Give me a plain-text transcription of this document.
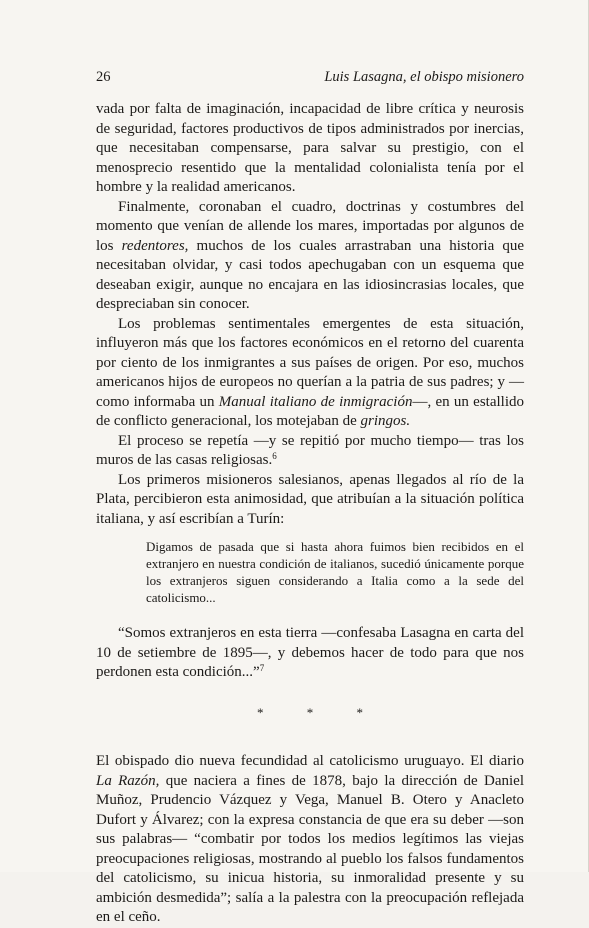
26	Luis Lasagna, el obispo misionero

vada por falta de imaginación, incapacidad de libre crítica y neurosis de seguridad, factores productivos de tipos administrados por inercias, que necesitaban compensarse, para salvar su prestigio, con el menosprecio resentido que la mentalidad colonialista tenía por el hombre y la realidad americanos.

Finalmente, coronaban el cuadro, doctrinas y costumbres del momento que venían de allende los mares, importadas por algunos de los redentores, muchos de los cuales arrastraban una historia que necesitaban olvidar, y casi todos apechugaban con un esquema que deseaban exigir, aunque no encajara en las idiosincrasias locales, que despreciaban sin conocer.

Los problemas sentimentales emergentes de esta situación, influyeron más que los factores económicos en el retorno del cuarenta por ciento de los inmigrantes a sus países de origen. Por eso, muchos americanos hijos de europeos no querían a la patria de sus padres; y —como informaba un Manual italiano de inmigración—, en un estallido de conflicto generacional, los motejaban de gringos.

El proceso se repetía —y se repitió por mucho tiempo— tras los muros de las casas religiosas.$^6$

Los primeros misioneros salesianos, apenas llegados al río de la Plata, percibieron esta animosidad, que atribuían a la situación política italiana, y así escribían a Turín:

Digamos de pasada que si hasta ahora fuimos bien recibidos en el extranjero en nuestra condición de italianos, sucedió únicamente porque los extranjeros siguen considerando a Italia como a la sede del catolicismo...

“Somos extranjeros en esta tierra —confesaba Lasagna en carta del 10 de setiembre de 1895—, y debemos hacer de todo para que nos perdonen esta condición...”$^7$

*	*	*

El obispado dio nueva fecundidad al catolicismo uruguayo. El diario La Razón, que naciera a fines de 1878, bajo la dirección de Daniel Muñoz, Prudencio Vázquez y Vega, Manuel B. Otero y Anacleto Dufort y Álvarez; con la expresa constancia de que era su deber —son sus palabras— “combatir por todos los medios legítimos las viejas preocupaciones religiosas, mostrando al pueblo los falsos fundamentos del catolicismo, su inicua historia, su inmoralidad presente y su ambición desmedida”; salía a la palestra con la preocupación reflejada en el ceño.
